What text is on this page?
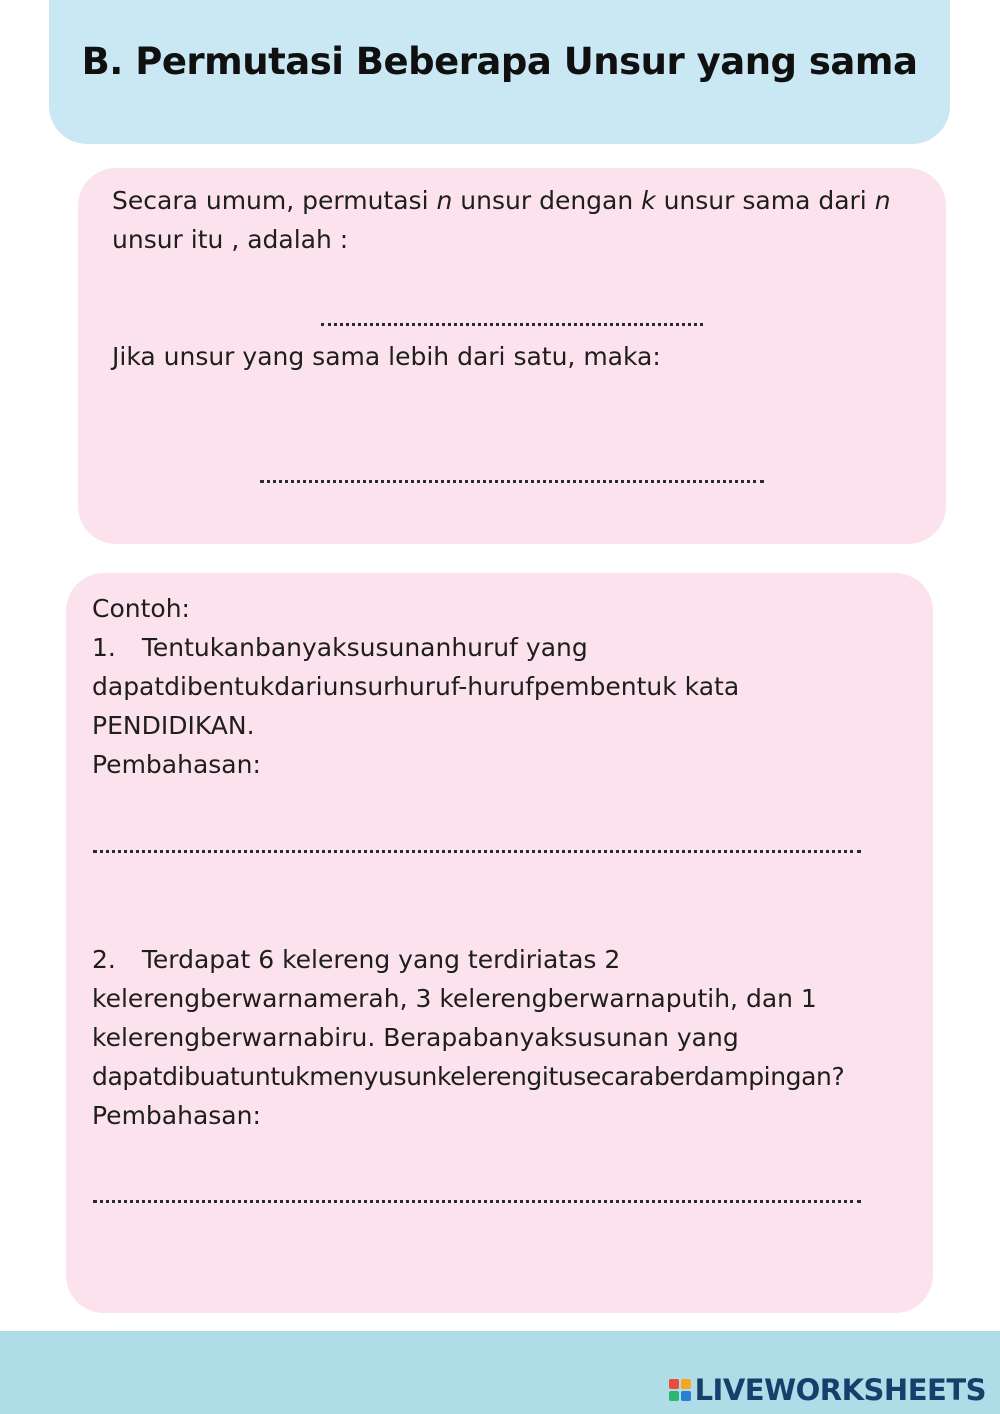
B. Permutasi Beberapa Unsur yang sama
Secara umum, permutasi n unsur dengan k unsur sama dari n
unsur itu , adalah :
Jika unsur yang sama lebih dari satu, maka:
Contoh:
1. Tentukanbanyaksusunanhuruf yang
dapatdibentukdariunsurhuruf-hurufpembentuk kata
PENDIDIKAN.
Pembahasan:
2. Terdapat 6 kelereng yang terdiriatas 2
kelerengberwarnamerah, 3 kelerengberwarnaputih, dan 1
kelerengberwarnabiru. Berapabanyaksusunan yang
dapatdibuatuntukmenyusunkelerengitusecaraberdampingan?
Pembahasan:
LIVEWORKSHEETS
